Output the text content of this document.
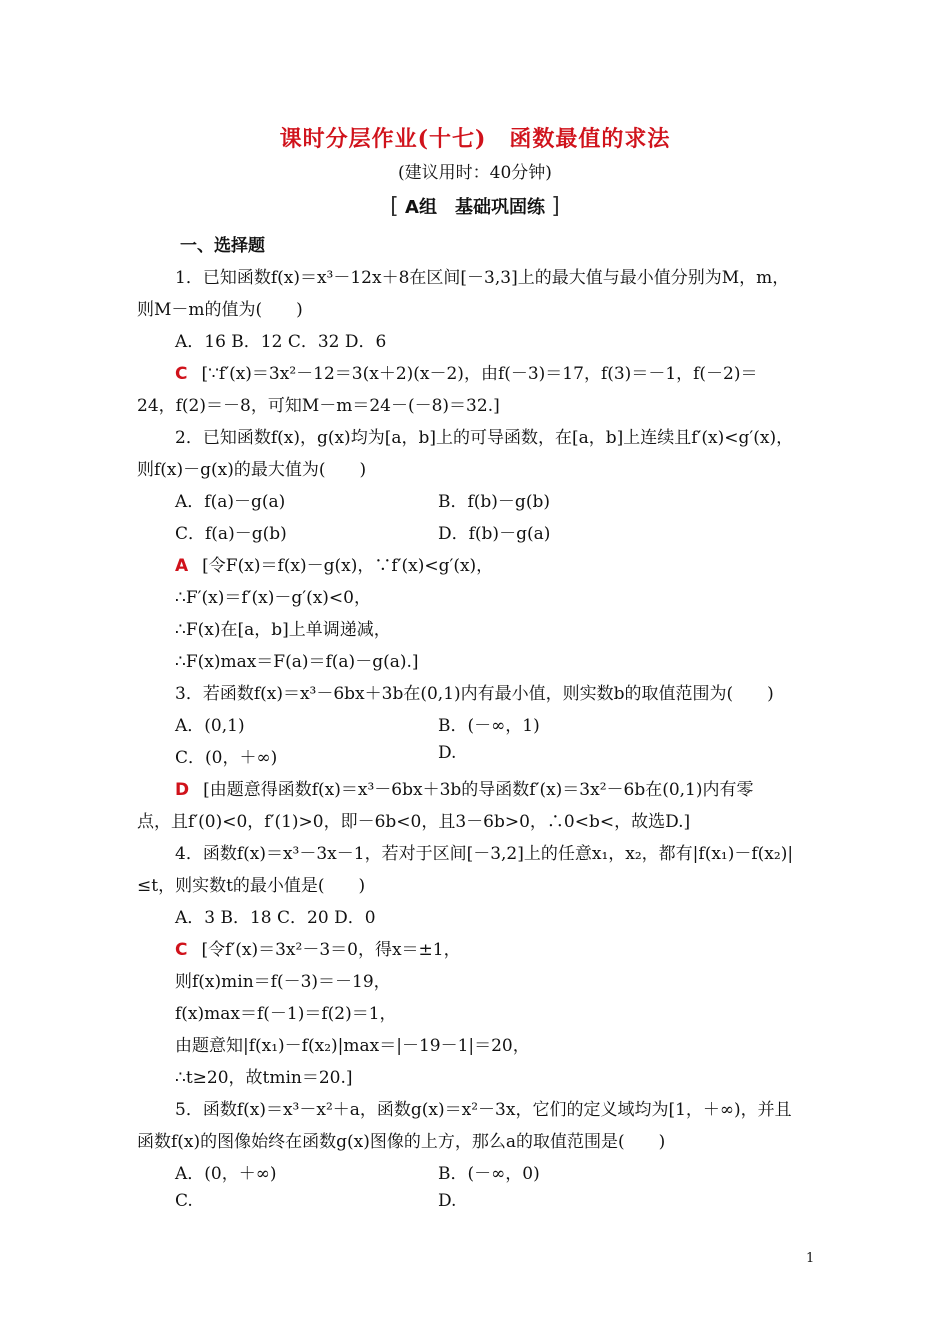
课时分层作业(十七)　函数最值的求法
(建议用时：40分钟)
[ A组　基础巩固练 ]
一、选择题
1．已知函数f(x)＝x³－12x＋8在区间[－3,3]上的最大值与最小值分别为M，m，
则M－m的值为(　　)
A．16 B．12 C．32 D．6
C [∵f′(x)＝3x²－12＝3(x＋2)(x－2)，由f(－3)＝17，f(3)＝－1，f(－2)＝
24，f(2)＝－8，可知M－m＝24－(－8)＝32.]
2．已知函数f(x)，g(x)均为[a，b]上的可导函数，在[a，b]上连续且f′(x)<g′(x)，
则f(x)－g(x)的最大值为(　　)
A．f(a)－g(a)	B．f(b)－g(b)
C．f(a)－g(b)	D．f(b)－g(a)
A [令F(x)＝f(x)－g(x)，∵f′(x)<g′(x)，
∴F′(x)＝f′(x)－g′(x)<0，
∴F(x)在[a，b]上单调递减，
∴F(x)max＝F(a)＝f(a)－g(a).]
3．若函数f(x)＝x³－6bx＋3b在(0,1)内有最小值，则实数b的取值范围为(　　)
A．(0,1)	B．(－∞，1)
C．(0，＋∞)	D.
D [由题意得函数f(x)＝x³－6bx＋3b的导函数f′(x)＝3x²－6b在(0,1)内有零
点，且f′(0)<0，f′(1)>0，即－6b<0，且3－6b>0，∴0<b<，故选D.]
4．函数f(x)＝x³－3x－1，若对于区间[－3,2]上的任意x₁，x₂，都有|f(x₁)－f(x₂)|
≤t，则实数t的最小值是(　　)
A．3 B．18 C．20 D．0
C [令f′(x)＝3x²－3＝0，得x＝±1，
则f(x)min＝f(－3)＝－19，
f(x)max＝f(－1)＝f(2)＝1，
由题意知|f(x₁)－f(x₂)|max＝|－19－1|＝20，
∴t≥20，故tmin＝20.]
5．函数f(x)＝x³－x²＋a，函数g(x)＝x²－3x，它们的定义域均为[1，＋∞)，并且
函数f(x)的图像始终在函数g(x)图像的上方，那么a的取值范围是(　　)
A．(0，＋∞)	B．(－∞，0)
C.	D.
1
